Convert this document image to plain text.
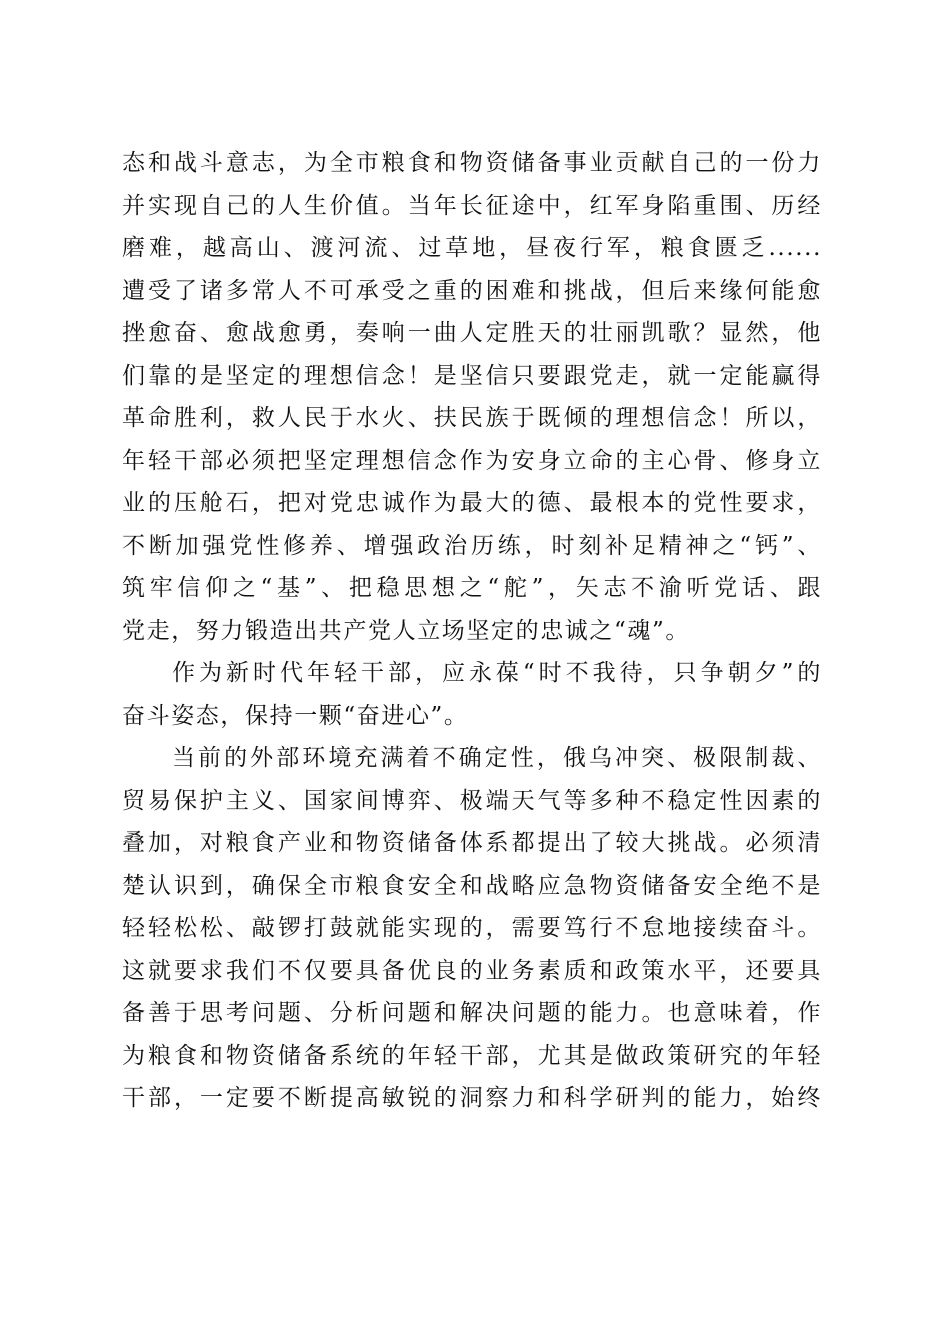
态和战斗意志，为全市粮食和物资储备事业贡献自己的一份力
并实现自己的人生价值。当年长征途中，红军身陷重围、历经
磨难，越高山、渡河流、过草地，昼夜行军，粮食匮乏......
遭受了诸多常人不可承受之重的困难和挑战，但后来缘何能愈
挫愈奋、愈战愈勇，奏响一曲人定胜天的壮丽凯歌？显然，他
们靠的是坚定的理想信念！是坚信只要跟党走，就一定能赢得
革命胜利，救人民于水火、扶民族于既倾的理想信念！所以，
年轻干部必须把坚定理想信念作为安身立命的主心骨、修身立
业的压舱石，把对党忠诚作为最大的德、最根本的党性要求，
不断加强党性修养、增强政治历练，时刻补足精神之“钙”、
筑牢信仰之“基”、把稳思想之“舵”，矢志不渝听党话、跟
党走，努力锻造出共产党人立场坚定的忠诚之“魂”。
作为新时代年轻干部，应永葆“时不我待，只争朝夕”的
奋斗姿态，保持一颗“奋进心”。
当前的外部环境充满着不确定性，俄乌冲突、极限制裁、
贸易保护主义、国家间博弈、极端天气等多种不稳定性因素的
叠加，对粮食产业和物资储备体系都提出了较大挑战。必须清
楚认识到，确保全市粮食安全和战略应急物资储备安全绝不是
轻轻松松、敲锣打鼓就能实现的，需要笃行不怠地接续奋斗。
这就要求我们不仅要具备优良的业务素质和政策水平，还要具
备善于思考问题、分析问题和解决问题的能力。也意味着，作
为粮食和物资储备系统的年轻干部，尤其是做政策研究的年轻
干部，一定要不断提高敏锐的洞察力和科学研判的能力，始终
